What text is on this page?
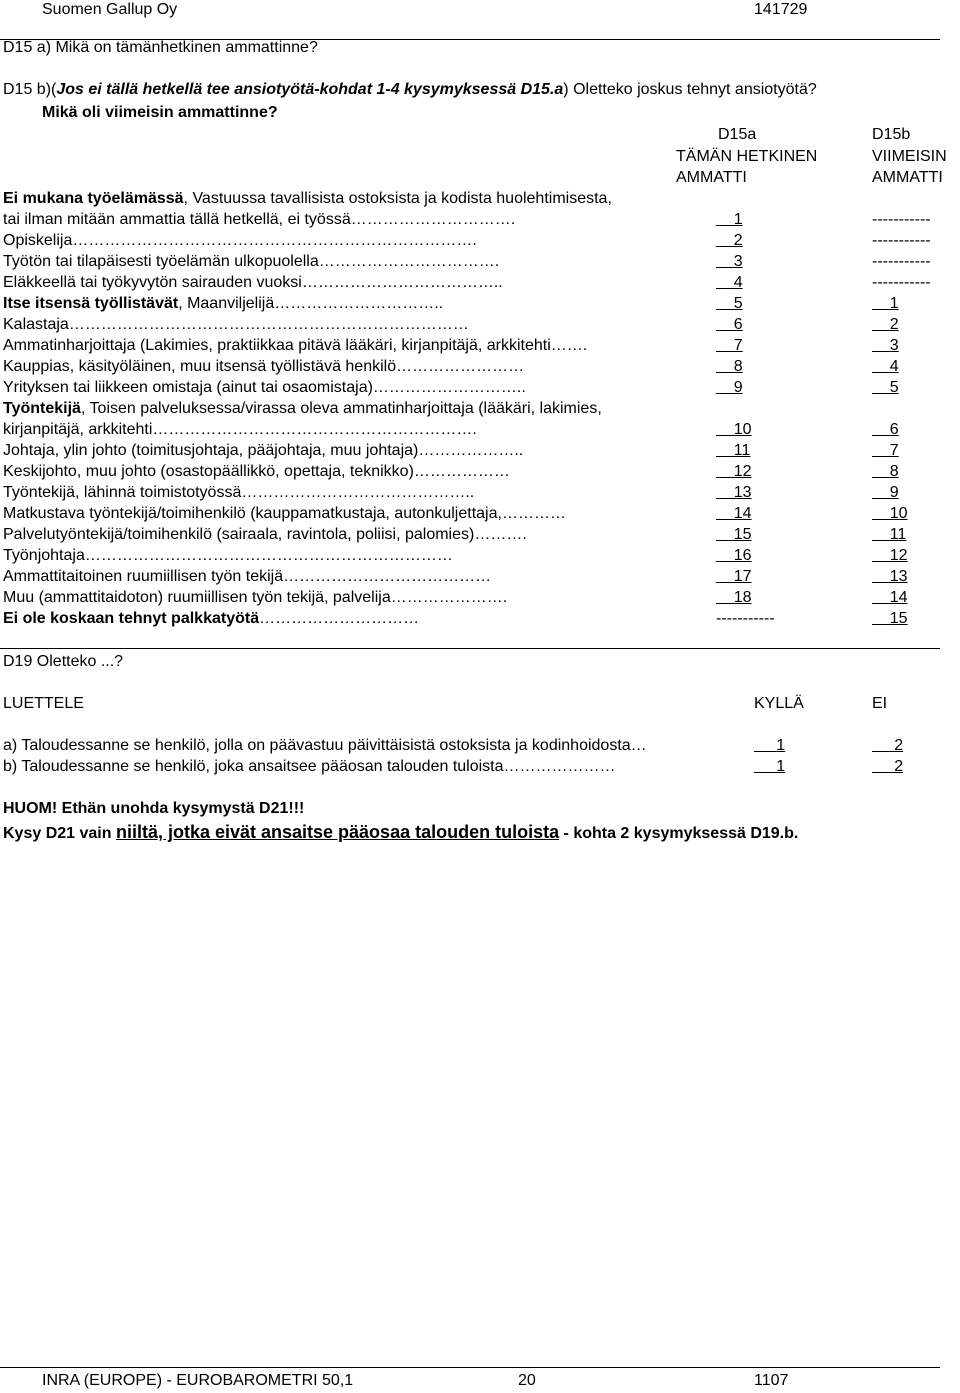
Suomen Gallup Oy	141729
D15 a) Mikä on tämänhetkinen ammattinne?
D15 b)(Jos ei tällä hetkellä tee ansiotyötä-kohdat 1-4 kysymyksessä D15.a) Oletteko joskus tehnyt ansiotyötä?
Mikä oli viimeisin ammattinne?
D15a
TÄMÄN HETKINEN
AMMATTI
D15b
VIIMEISIN
AMMATTI
Ei mukana työelämässä, Vastuussa tavallisista ostoksista ja kodista huolehtimisesta,
tai ilman mitään ammattia tällä hetkellä, ei työssä………………………….	1	-----------
Opiskelija………………………………………………………………….	2	-----------
Työtön tai tilapäisesti työelämän ulkopuolella…………………………….	3	-----------
Eläkkeellä tai työkyvytön sairauden vuoksi………………………………..	4	-----------
Itse itsensä työllistävät, Maanviljelijä…………………………..	5	1
Kalastaja…………………………………………………………………	6	2
Ammatinharjoittaja (Lakimies, praktiikkaa pitävä lääkäri, kirjanpitäjä, arkkitehti…….	7	3
Kauppias, käsityöläinen, muu itsensä työllistävä henkilö……………………	8	4
Yrityksen tai liikkeen omistaja (ainut tai osaomistaja)………………………..	9	5
Työntekijä, Toisen palveluksessa/virassa oleva ammatinharjoittaja (lääkäri, lakimies,
kirjanpitäjä, arkkitehti…………………………………………………….	10	6
Johtaja, ylin johto (toimitusjohtaja, pääjohtaja, muu johtaja)………………..	11	7
Keskijohto, muu johto (osastopäällikkö, opettaja, teknikko)………………	12	8
Työntekijä, lähinnä toimistotyössä……………………………………..	13	9
Matkustava työntekijä/toimihenkilö (kauppamatkustaja, autonkuljettaja,…………	14	10
Palvelutyöntekijä/toimihenkilö (sairaala, ravintola, poliisi, palomies)……….	15	11
Työnjohtaja……………………………………………………………	16	12
Ammattitaitoinen ruumiillisen työn tekijä…………………………………	17	13
Muu (ammattitaidoton) ruumiillisen työn tekijä, palvelija………………….	18	14
Ei ole koskaan tehnyt palkkatyötä…………………………	-----------	15
D19 Oletteko ...?
LUETTELE	KYLLÄ	EI
a) Taloudessanne se henkilö, jolla on päävastuu päivittäisistä ostoksista ja kodinhoidosta…	1	2
b) Taloudessanne se henkilö, joka ansaitsee pääosan talouden tuloista…………………	1	2
HUOM! Ethän unohda kysymystä D21!!!
Kysy D21 vain niiltä, jotka eivät ansaitse pääosaa talouden tuloista - kohta 2 kysymyksessä D19.b.
INRA (EUROPE) - EUROBAROMETRI 50,1	20	1107
